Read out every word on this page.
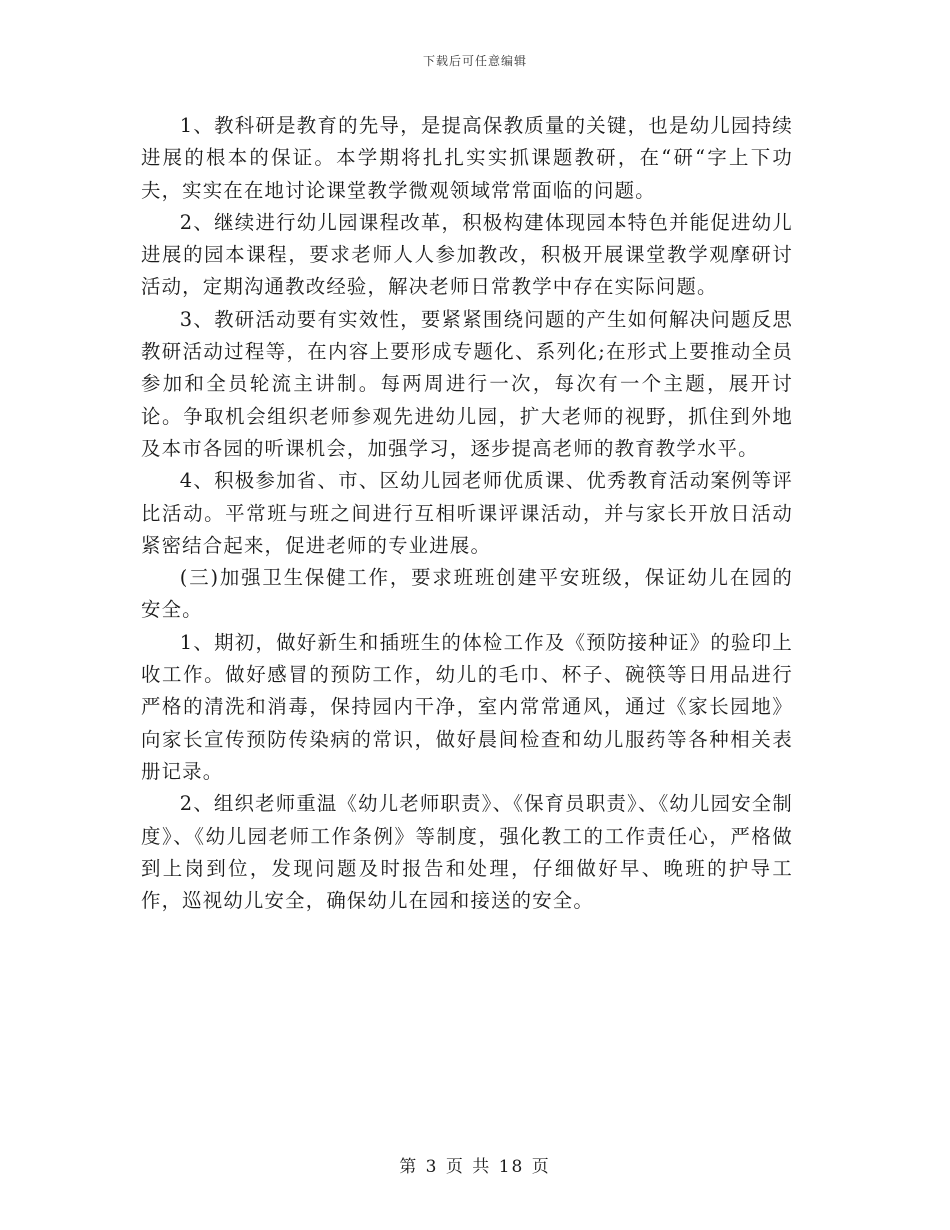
下载后可任意编辑

1、教科研是教育的先导，是提高保教质量的关键，也是幼儿园持续进展的根本的保证。本学期将扎扎实实抓课题教研，在“研“字上下功夫，实实在在地讨论课堂教学微观领域常常面临的问题。

2、继续进行幼儿园课程改革，积极构建体现园本特色并能促进幼儿进展的园本课程，要求老师人人参加教改，积极开展课堂教学观摩研讨活动，定期沟通教改经验，解决老师日常教学中存在实际问题。

3、教研活动要有实效性，要紧紧围绕问题的产生如何解决问题反思教研活动过程等，在内容上要形成专题化、系列化;在形式上要推动全员参加和全员轮流主讲制。每两周进行一次，每次有一个主题，展开讨论。争取机会组织老师参观先进幼儿园，扩大老师的视野，抓住到外地及本市各园的听课机会，加强学习，逐步提高老师的教育教学水平。

4、积极参加省、市、区幼儿园老师优质课、优秀教育活动案例等评比活动。平常班与班之间进行互相听课评课活动，并与家长开放日活动紧密结合起来，促进老师的专业进展。

(三)加强卫生保健工作，要求班班创建平安班级，保证幼儿在园的安全。

1、期初，做好新生和插班生的体检工作及《预防接种证》的验印上收工作。做好感冒的预防工作，幼儿的毛巾、杯子、碗筷等日用品进行严格的清洗和消毒，保持园内干净，室内常常通风，通过《家长园地》向家长宣传预防传染病的常识，做好晨间检查和幼儿服药等各种相关表册记录。

2、组织老师重温《幼儿老师职责》、《保育员职责》、《幼儿园安全制度》、《幼儿园老师工作条例》等制度，强化教工的工作责任心，严格做到上岗到位，发现问题及时报告和处理，仔细做好早、晚班的护导工作，巡视幼儿安全，确保幼儿在园和接送的安全。

第 3 页 共 18 页
